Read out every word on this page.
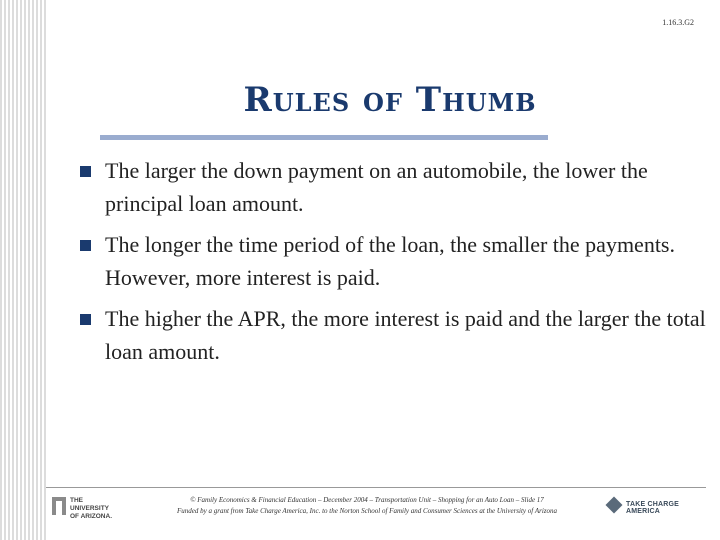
1.16.3.G2
Rules of Thumb
The larger the down payment on an automobile, the lower the principal loan amount.
The longer the time period of the loan, the smaller the payments. However, more interest is paid.
The higher the APR, the more interest is paid and the larger the total loan amount.
THE UNIVERSITY
OF ARIZONA.
© Family Economics & Financial Education – December 2004 – Transportation Unit – Shopping for an Auto Loan – Slide 17
Funded by a grant from Take Charge America, Inc. to the Norton School of Family and Consumer Sciences at the University of Arizona
TAKE CHARGE AMERICA
